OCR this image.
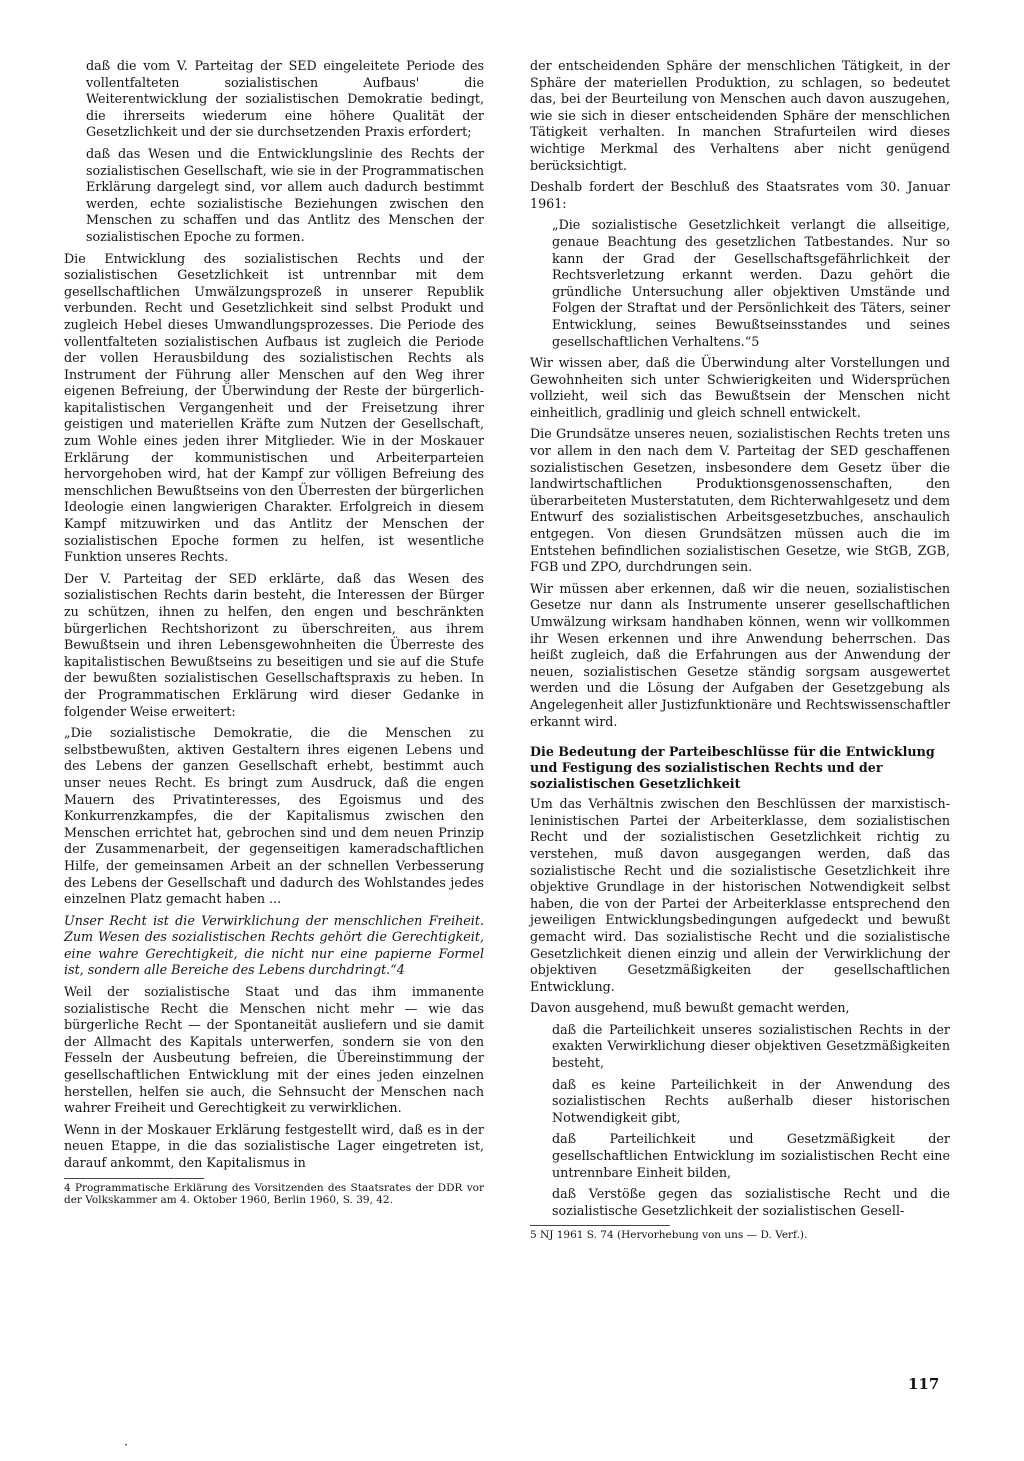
daß die vom V. Parteitag der SED eingeleitete Periode des vollentfalteten sozialistischen Aufbaus' die Weiterentwicklung der sozialistischen Demokratie bedingt, die ihrerseits wiederum eine höhere Qualität der Gesetzlichkeit und der sie durchsetzenden Praxis erfordert;

daß das Wesen und die Entwicklungslinie des Rechts der sozialistischen Gesellschaft, wie sie in der Programmatischen Erklärung dargelegt sind, vor allem auch dadurch bestimmt werden, echte sozialistische Beziehungen zwischen den Menschen zu schaffen und das Antlitz des Menschen der sozialistischen Epoche zu formen.

Die Entwicklung des sozialistischen Rechts und der sozialistischen Gesetzlichkeit ist untrennbar mit dem gesellschaftlichen Umwälzungsprozeß in unserer Republik verbunden. Recht und Gesetzlichkeit sind selbst Produkt und zugleich Hebel dieses Umwandlungsprozesses. Die Periode des vollentfalteten sozialistischen Aufbaus ist zugleich die Periode der vollen Herausbildung des sozialistischen Rechts als Instrument der Führung aller Menschen auf den Weg ihrer eigenen Befreiung, der Überwindung der Reste der bürgerlich-kapitalistischen Vergangenheit und der Freisetzung ihrer geistigen und materiellen Kräfte zum Nutzen der Gesellschaft, zum Wohle eines jeden ihrer Mitglieder. Wie in der Moskauer Erklärung der kommunistischen und Arbeiterparteien hervorgehoben wird, hat der Kampf zur völligen Befreiung des menschlichen Bewußtseins von den Überresten der bürgerlichen Ideologie einen langwierigen Charakter. Erfolgreich in diesem Kampf mitzuwirken und das Antlitz der Menschen der sozialistischen Epoche formen zu helfen, ist wesentliche Funktion unseres Rechts.

Der V. Parteitag der SED erklärte, daß das Wesen des sozialistischen Rechts darin besteht, die Interessen der Bürger zu schützen, ihnen zu helfen, den engen und beschränkten bürgerlichen Rechtshorizont zu überschreiten, aus ihrem Bewußtsein und ihren Lebensgewohnheiten die Überreste des kapitalistischen Bewußtseins zu beseitigen und sie auf die Stufe der bewußten sozialistischen Gesellschaftspraxis zu heben. In der Programmatischen Erklärung wird dieser Gedanke in folgender Weise erweitert:

„Die sozialistische Demokratie, die die Menschen zu selbstbewußten, aktiven Gestaltern ihres eigenen Lebens und des Lebens der ganzen Gesellschaft erhebt, bestimmt auch unser neues Recht. Es bringt zum Ausdruck, daß die engen Mauern des Privatinteresses, des Egoismus und des Konkurrenzkampfes, die der Kapitalismus zwischen den Menschen errichtet hat, gebrochen sind und dem neuen Prinzip der Zusammenarbeit, der gegenseitigen kameradschaftlichen Hilfe, der gemeinsamen Arbeit an der schnellen Verbesserung des Lebens der Gesellschaft und dadurch des Wohlstandes jedes einzelnen Platz gemacht haben ...

Unser Recht ist die Verwirklichung der menschlichen Freiheit. Zum Wesen des sozialistischen Rechts gehört die Gerechtigkeit, eine wahre Gerechtigkeit, die nicht nur eine papierne Formel ist, sondern alle Bereiche des Lebens durchdringt.“4

Weil der sozialistische Staat und das ihm immanente sozialistische Recht die Menschen nicht mehr — wie das bürgerliche Recht — der Spontaneität ausliefern und sie damit der Allmacht des Kapitals unterwerfen, sondern sie von den Fesseln der Ausbeutung befreien, die Übereinstimmung der gesellschaftlichen Entwicklung mit der eines jeden einzelnen herstellen, helfen sie auch, die Sehnsucht der Menschen nach wahrer Freiheit und Gerechtigkeit zu verwirklichen.

Wenn in der Moskauer Erklärung festgestellt wird, daß es in der neuen Etappe, in die das sozialistische Lager eingetreten ist, darauf ankommt, den Kapitalismus in

4 Programmatische Erklärung des Vorsitzenden des Staatsrates der DDR vor der Volkskammer am 4. Oktober 1960, Berlin 1960, S. 39, 42.

der entscheidenden Sphäre der menschlichen Tätigkeit, in der Sphäre der materiellen Produktion, zu schlagen, so bedeutet das, bei der Beurteilung von Menschen auch davon auszugehen, wie sie sich in dieser entscheidenden Sphäre der menschlichen Tätigkeit verhalten. In manchen Strafurteilen wird dieses wichtige Merkmal des Verhaltens aber nicht genügend berücksichtigt.

Deshalb fordert der Beschluß des Staatsrates vom 30. Januar 1961:

„Die sozialistische Gesetzlichkeit verlangt die allseitige, genaue Beachtung des gesetzlichen Tatbestandes. Nur so kann der Grad der Gesellschaftsgefährlichkeit der Rechtsverletzung erkannt werden. Dazu gehört die gründliche Untersuchung aller objektiven Umstände und Folgen der Straftat und der Persönlichkeit des Täters, seiner Entwicklung, seines Bewußtseinsstandes und seines gesellschaftlichen Verhaltens.“5

Wir wissen aber, daß die Überwindung alter Vorstellungen und Gewohnheiten sich unter Schwierigkeiten und Widersprüchen vollzieht, weil sich das Bewußtsein der Menschen nicht einheitlich, gradlinig und gleich schnell entwickelt.

Die Grundsätze unseres neuen, sozialistischen Rechts treten uns vor allem in den nach dem V. Parteitag der SED geschaffenen sozialistischen Gesetzen, insbesondere dem Gesetz über die landwirtschaftlichen Produktionsgenossenschaften, den überarbeiteten Musterstatuten, dem Richterwahlgesetz und dem Entwurf des sozialistischen Arbeitsgesetzbuches, anschaulich entgegen. Von diesen Grundsätzen müssen auch die im Entstehen befindlichen sozialistischen Gesetze, wie StGB, ZGB, FGB und ZPO, durchdrungen sein.

Wir müssen aber erkennen, daß wir die neuen, sozialistischen Gesetze nur dann als Instrumente unserer gesellschaftlichen Umwälzung wirksam handhaben können, wenn wir vollkommen ihr Wesen erkennen und ihre Anwendung beherrschen. Das heißt zugleich, daß die Erfahrungen aus der Anwendung der neuen, sozialistischen Gesetze ständig sorgsam ausgewertet werden und die Lösung der Aufgaben der Gesetzgebung als Angelegenheit aller Justizfunktionäre und Rechtswissenschaftler erkannt wird.

Die Bedeutung der Parteibeschlüsse für die Entwicklung und Festigung des sozialistischen Rechts und der sozialistischen Gesetzlichkeit

Um das Verhältnis zwischen den Beschlüssen der marxistisch-leninistischen Partei der Arbeiterklasse, dem sozialistischen Recht und der sozialistischen Gesetzlichkeit richtig zu verstehen, muß davon ausgegangen werden, daß das sozialistische Recht und die sozialistische Gesetzlichkeit ihre objektive Grundlage in der historischen Notwendigkeit selbst haben, die von der Partei der Arbeiterklasse entsprechend den jeweiligen Entwicklungsbedingungen aufgedeckt und bewußt gemacht wird. Das sozialistische Recht und die sozialistische Gesetzlichkeit dienen einzig und allein der Verwirklichung der objektiven Gesetzmäßigkeiten der gesellschaftlichen Entwicklung.

Davon ausgehend, muß bewußt gemacht werden,

daß die Parteilichkeit unseres sozialistischen Rechts in der exakten Verwirklichung dieser objektiven Gesetzmäßigkeiten besteht,

daß es keine Parteilichkeit in der Anwendung des sozialistischen Rechts außerhalb dieser historischen Notwendigkeit gibt,

daß Parteilichkeit und Gesetzmäßigkeit der gesellschaftlichen Entwicklung im sozialistischen Recht eine untrennbare Einheit bilden,

daß Verstöße gegen das sozialistische Recht und die sozialistische Gesetzlichkeit der sozialistischen Gesell-

5 NJ 1961 S. 74 (Hervorhebung von uns — D. Verf.).
117
·
